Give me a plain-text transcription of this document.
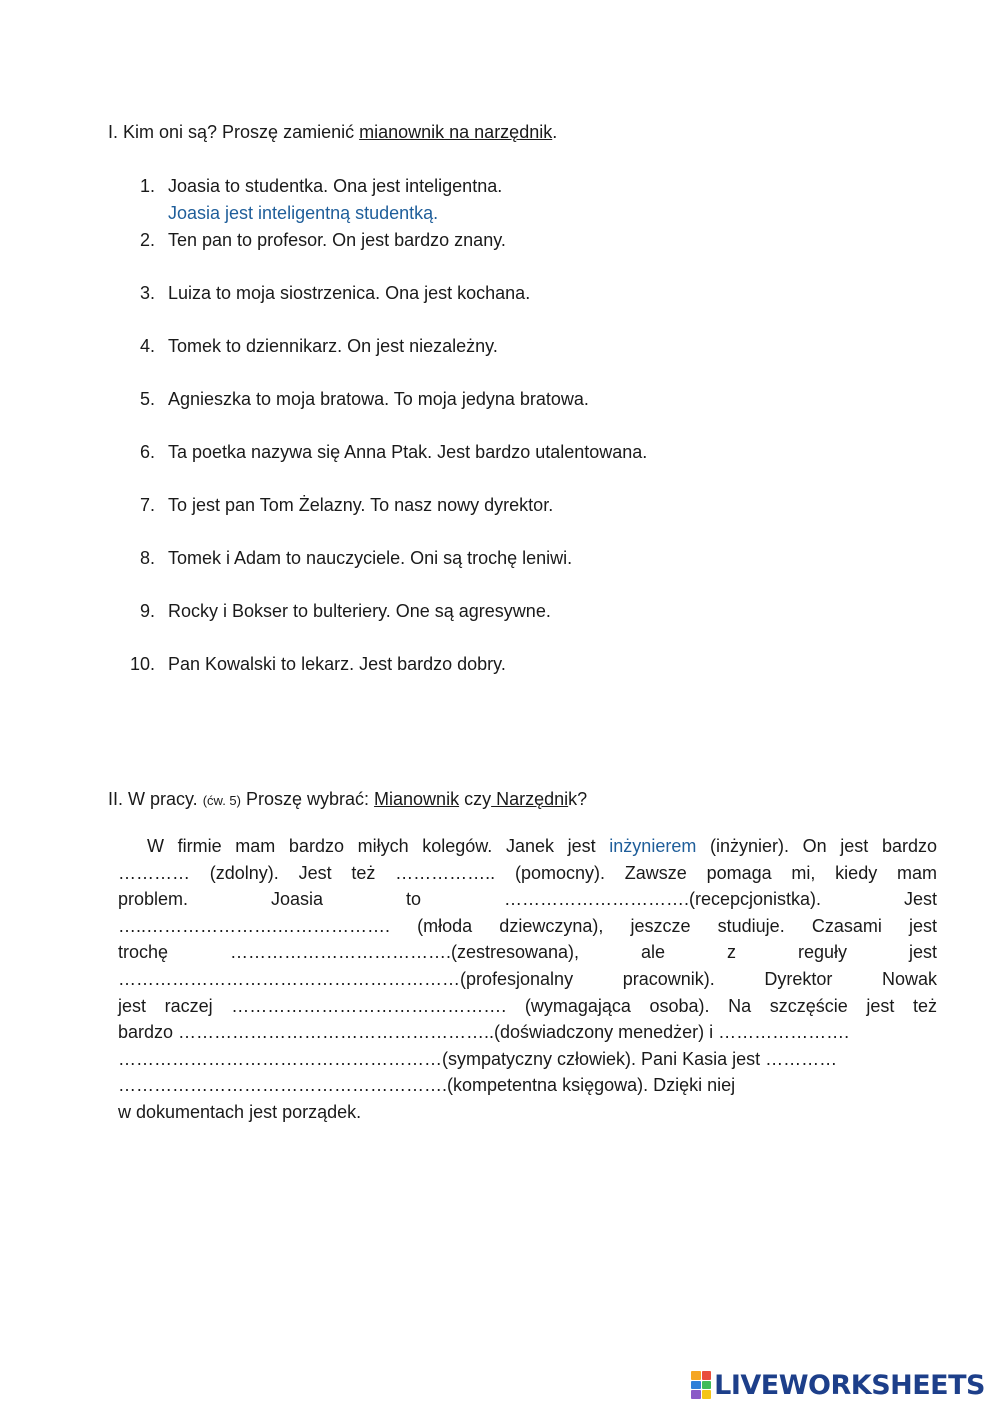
I. Kim oni są? Proszę zamienić mianownik na narzędnik.
1. Joasia to studentka. Ona jest inteligentna.
Joasia jest inteligentną studentką.
2. Ten pan to profesor. On jest bardzo znany.
3. Luiza to moja siostrzenica. Ona jest kochana.
4. Tomek to dziennikarz. On jest niezależny.
5. Agnieszka to moja bratowa. To moja jedyna bratowa.
6. Ta poetka nazywa się Anna Ptak. Jest bardzo utalentowana.
7. To jest pan Tom Żelazny. To nasz nowy dyrektor.
8. Tomek i Adam to nauczyciele. Oni są trochę leniwi.
9. Rocky i Bokser to bulteriery. One są agresywne.
10. Pan Kowalski to lekarz. Jest bardzo dobry.
II. W pracy. (ćw. 5) Proszę wybrać: Mianownik czy Narzędnik?
W firmie mam bardzo miłych kolegów. Janek jest inżynierem (inżynier). On jest bardzo
………… (zdolny). Jest też …………….. (pomocny). Zawsze pomaga mi, kiedy mam
problem. Joasia to ………………………….(recepcjonistka). Jest
…..………………….………………. (młoda dziewczyna), jeszcze studiuje. Czasami jest
trochę ……………………………….(zestresowana), ale z reguły jest
…………………………………………………(profesjonalny pracownik). Dyrektor Nowak
jest raczej ………………………………………. (wymagająca osoba). Na szczęście jest też
bardzo ……………………………………………..(doświadczony menedżer) i ………………….
………………………………………………(sympatyczny człowiek). Pani Kasia jest …………
……………………………………………….(kompetentna księgowa). Dzięki niej
w dokumentach jest porządek.
LIVEWORKSHEETS
